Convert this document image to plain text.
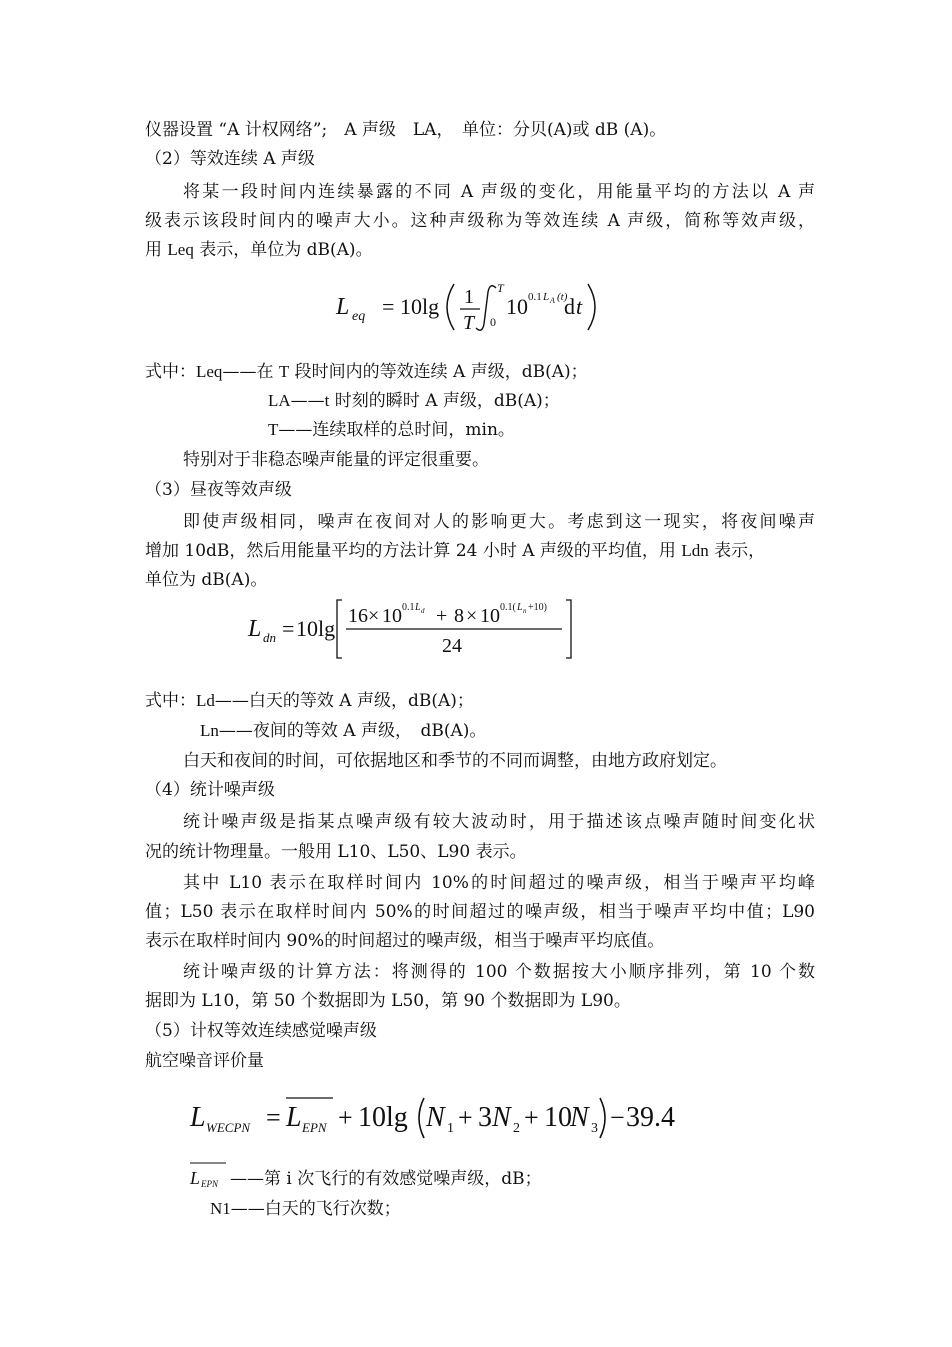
仪器设置 “A 计权网络”;　A 声级　LA，　单位：分贝(A)或 dB (A)。
（2）等效连续 A 声级
将某一段时间内连续暴露的不同 A 声级的变化，用能量平均的方法以 A 声
级表示该段时间内的噪声大小。这种声级称为等效连续 A 声级，简称等效声级，
用 Leq 表示，单位为 dB(A)。
L eq = 10lg 1
T
T
0
10 0.1 L A (t)
d t
式中：Leq——在 T 段时间内的等效连续 A 声级，dB(A)；
LA——t 时刻的瞬时 A 声级，dB(A)；
T——连续取样的总时间，min。
特别对于非稳态噪声能量的评定很重要。
（3）昼夜等效声级
即使声级相同，噪声在夜间对人的影响更大。考虑到这一现实，将夜间噪声
增加 10dB，然后用能量平均的方法计算 24 小时 A 声级的平均值，用 Ldn 表示，
单位为 dB(A)。
L dn = 10lg 16 × 10 0.1 L d + 8 × 10 0.1( L n +10)
24
式中：Ld——白天的等效 A 声级，dB(A)；
Ln——夜间的等效 A 声级，　dB(A)。
白天和夜间的时间，可依据地区和季节的不同而调整，由地方政府划定。
（4）统计噪声级
统计噪声级是指某点噪声级有较大波动时，用于描述该点噪声随时间变化状
况的统计物理量。一般用 L10、L50、L90 表示。
其中 L10 表示在取样时间内 10%的时间超过的噪声级，相当于噪声平均峰
值；L50 表示在取样时间内 50%的时间超过的噪声级，相当于噪声平均中值；L90
表示在取样时间内 90%的时间超过的噪声级，相当于噪声平均底值。
统计噪声级的计算方法：将测得的 100 个数据按大小顺序排列，第 10 个数
据即为 L10，第 50 个数据即为 L50，第 90 个数据即为 L90。
（5）计权等效连续感觉噪声级
航空噪音评价量
L WECPN = L EPN + 10lg N 1 + 3 N 2 + 10
N 3 − 39.4
L EPN ——第 i 次飞行的有效感觉噪声级，dB；
N1——白天的飞行次数；
